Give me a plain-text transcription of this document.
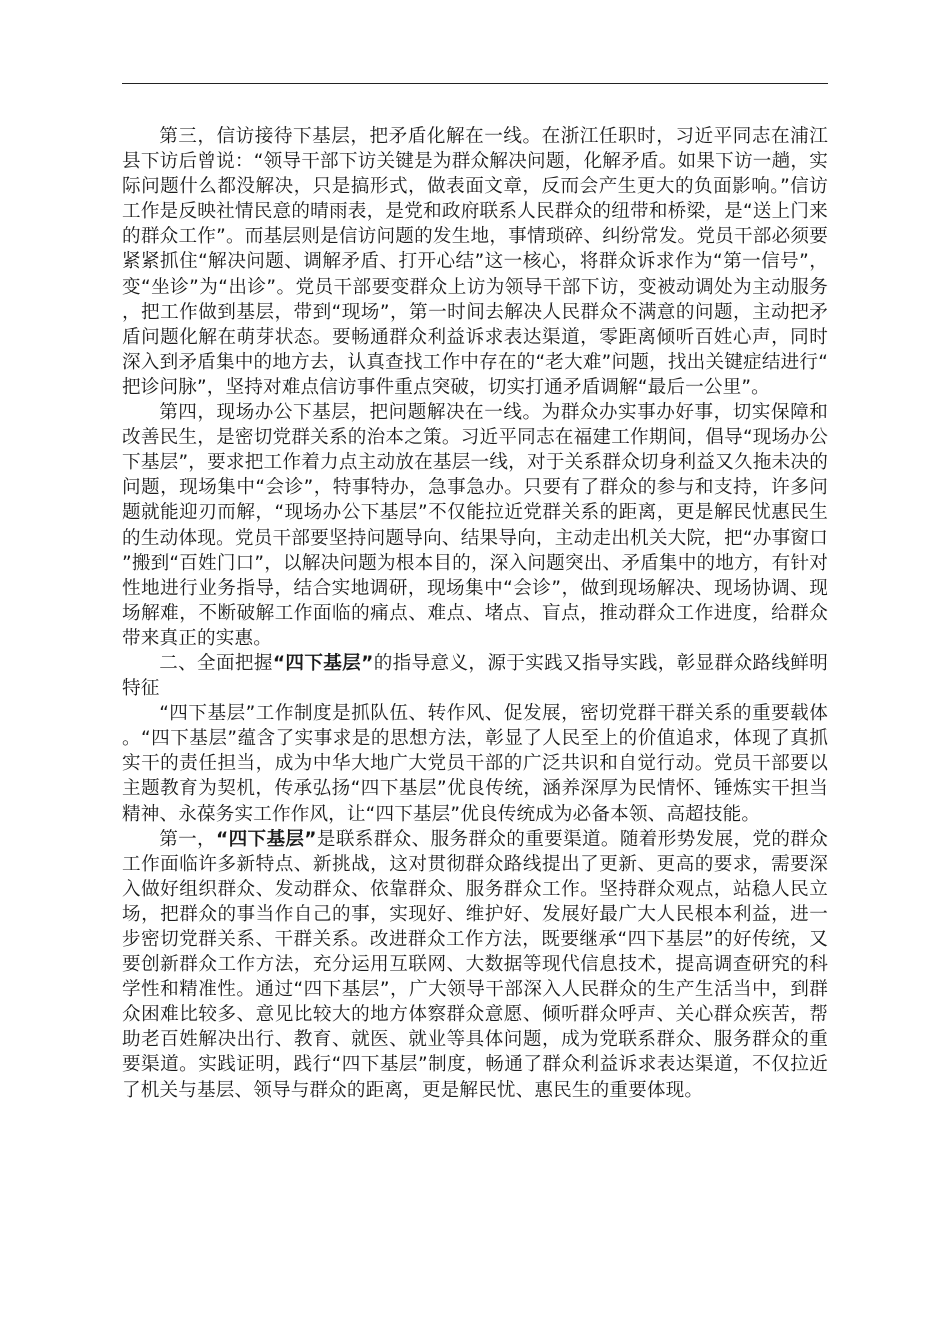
第三，信访接待下基层，把矛盾化解在一线。在浙江任职时，习近平同志在浦江县下访后曾说：“领导干部下访关键是为群众解决问题，化解矛盾。如果下访一趟，实际问题什么都没解决，只是搞形式，做表面文章，反而会产生更大的负面影响。”信访工作是反映社情民意的晴雨表，是党和政府联系人民群众的纽带和桥梁，是“送上门来的群众工作”。而基层则是信访问题的发生地，事情琐碎、纠纷常发。党员干部必须要紧紧抓住“解决问题、调解矛盾、打开心结”这一核心，将群众诉求作为“第一信号”，变“坐诊”为“出诊”。党员干部要变群众上访为领导干部下访，变被动调处为主动服务，把工作做到基层，带到“现场”，第一时间去解决人民群众不满意的问题，主动把矛盾问题化解在萌芽状态。要畅通群众利益诉求表达渠道，零距离倾听百姓心声，同时深入到矛盾集中的地方去，认真查找工作中存在的“老大难”问题，找出关键症结进行“把诊问脉”，坚持对难点信访事件重点突破，切实打通矛盾调解“最后一公里”。

第四，现场办公下基层，把问题解决在一线。为群众办实事办好事，切实保障和改善民生，是密切党群关系的治本之策。习近平同志在福建工作期间，倡导“现场办公下基层”，要求把工作着力点主动放在基层一线，对于关系群众切身利益又久拖未决的问题，现场集中“会诊”，特事特办，急事急办。只要有了群众的参与和支持，许多问题就能迎刃而解，“现场办公下基层”不仅能拉近党群关系的距离，更是解民忧惠民生的生动体现。党员干部要坚持问题导向、结果导向，主动走出机关大院，把“办事窗口”搬到“百姓门口”，以解决问题为根本目的，深入问题突出、矛盾集中的地方，有针对性地进行业务指导，结合实地调研，现场集中“会诊”，做到现场解决、现场协调、现场解难，不断破解工作面临的痛点、难点、堵点、盲点，推动群众工作进度，给群众带来真正的实惠。

二、全面把握“四下基层”的指导意义，源于实践又指导实践，彰显群众路线鲜明特征

“四下基层”工作制度是抓队伍、转作风、促发展，密切党群干群关系的重要载体。“四下基层”蕴含了实事求是的思想方法，彰显了人民至上的价值追求，体现了真抓实干的责任担当，成为中华大地广大党员干部的广泛共识和自觉行动。党员干部要以主题教育为契机，传承弘扬“四下基层”优良传统，涵养深厚为民情怀、锤炼实干担当精神、永葆务实工作作风，让“四下基层”优良传统成为必备本领、高超技能。

第一，“四下基层”是联系群众、服务群众的重要渠道。随着形势发展，党的群众工作面临许多新特点、新挑战，这对贯彻群众路线提出了更新、更高的要求，需要深入做好组织群众、发动群众、依靠群众、服务群众工作。坚持群众观点，站稳人民立场，把群众的事当作自己的事，实现好、维护好、发展好最广大人民根本利益，进一步密切党群关系、干群关系。改进群众工作方法，既要继承“四下基层”的好传统，又要创新群众工作方法，充分运用互联网、大数据等现代信息技术，提高调查研究的科学性和精准性。通过“四下基层”，广大领导干部深入人民群众的生产生活当中，到群众困难比较多、意见比较大的地方体察群众意愿、倾听群众呼声、关心群众疾苦，帮助老百姓解决出行、教育、就医、就业等具体问题，成为党联系群众、服务群众的重要渠道。实践证明，践行“四下基层”制度，畅通了群众利益诉求表达渠道，不仅拉近了机关与基层、领导与群众的距离，更是解民忧、惠民生的重要体现。
